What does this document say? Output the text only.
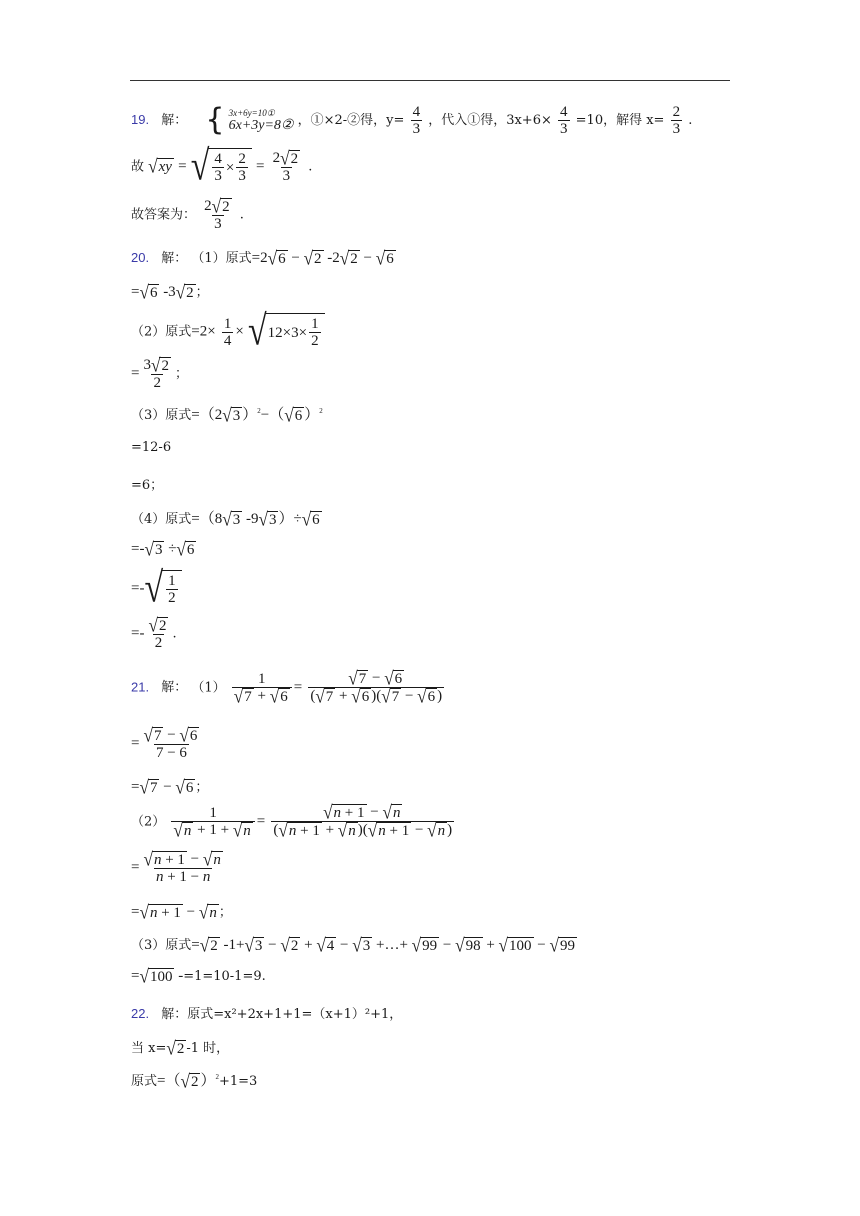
19. 解： { 3x+6y=10①
6x+3y=8② ，①×2-②得，$y= \frac{4}{3}$ ，代入①得，$3x+6\times \frac{4}{3} =10$，解得 $x= \frac{2}{3}$ .
故 √ xy = √ $\frac{4}{3} \times \frac{2}{3} = \frac{2 √ 2}{3}$ .
故答案为： $\frac{2 √ 2}{3}$ .
20. 解： （1）原式=2 √ 6 − √ 2 -2 √ 2 − √ 6
= √ 6 -3 √ 2 ；
（2）原式$=2\times \frac{1}{4}$ × √ $12\times 3\times \frac{1}{2}$
= $\frac{3 √ 2}{2}$ ；
（3）原式=（2 √ 3 ）$^2$−（ √ 6 ）$^2$
=12-6
=6；
（4）原式=（8 √ 3 -9 √ 3 ）÷ √ 6
=- √ 3 ÷ √ 6
=- √ $\frac{1}{2}$
=- $\frac{√ 2}{2}$ .
21. 解： $(1) \frac{1}{√ 7 + √ 6} = \frac{√ 7 - √ 6}{( √ 7 + √ 6 )( √ 7 - √ 6 )}$
= $\frac{√ 7 - √ 6}{7 - 6}$
= √ 7 − √ 6 ；
$(2) \frac{1}{√ n + 1 + √ n} = \frac{√ n + 1 - √ n}{( √ n + 1 + √ n )( √ n + 1 - √ n )}$
= $\frac{√ n + 1 - √ n}{n + 1 - n}$
= √ n + 1 − √ n ；
（3）原式= √ 2 -1+ √ 3 − √ 2 + √ 4 − √ 3 +…+ √ 99 − √ 98 + √ 100 − √ 99
= √ 100 -=1=10-1=9.
22. 解：原式=x²+2x+1+1=（x+1）²+1，
当 x= √ 2 -1 时，
原式=（ √ 2 ）$^2$+1=3
